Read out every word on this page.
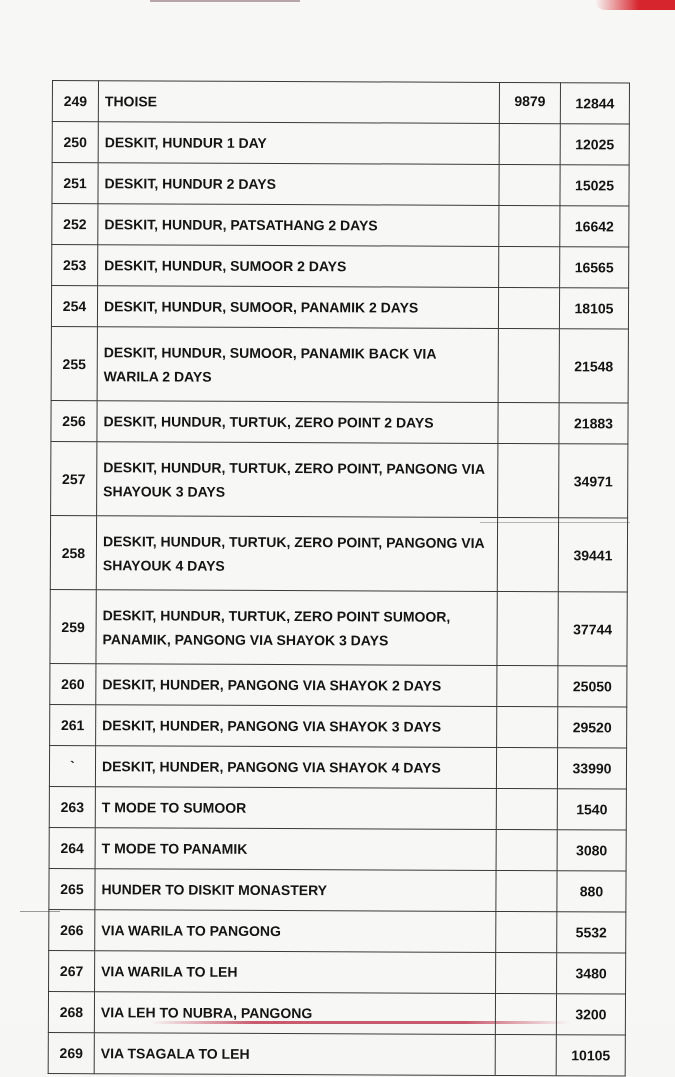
249	THOISE	9879	12844
250	DESKIT, HUNDUR 1 DAY		12025
251	DESKIT, HUNDUR 2 DAYS		15025
252	DESKIT, HUNDUR, PATSATHANG 2 DAYS		16642
253	DESKIT, HUNDUR, SUMOOR 2 DAYS		16565
254	DESKIT, HUNDUR, SUMOOR, PANAMIK 2 DAYS		18105
255	DESKIT, HUNDUR, SUMOOR, PANAMIK BACK VIA WARILA 2 DAYS		21548
256	DESKIT, HUNDUR, TURTUK, ZERO POINT 2 DAYS		21883
257	DESKIT, HUNDUR, TURTUK, ZERO POINT, PANGONG VIA SHAYOUK 3 DAYS		34971
258	DESKIT, HUNDUR, TURTUK, ZERO POINT, PANGONG VIA SHAYOUK 4 DAYS		39441
259	DESKIT, HUNDUR, TURTUK, ZERO POINT SUMOOR, PANAMIK, PANGONG VIA SHAYOK 3 DAYS		37744
260	DESKIT, HUNDER, PANGONG VIA SHAYOK 2 DAYS		25050
261	DESKIT, HUNDER, PANGONG VIA SHAYOK 3 DAYS		29520
`	DESKIT, HUNDER, PANGONG VIA SHAYOK 4 DAYS		33990
263	T MODE TO SUMOOR		1540
264	T MODE TO PANAMIK		3080
265	HUNDER TO DISKIT MONASTERY		880
266	VIA WARILA TO PANGONG		5532
267	VIA WARILA TO LEH		3480
268	VIA LEH TO NUBRA, PANGONG		3200
269	VIA TSAGALA TO LEH		10105
